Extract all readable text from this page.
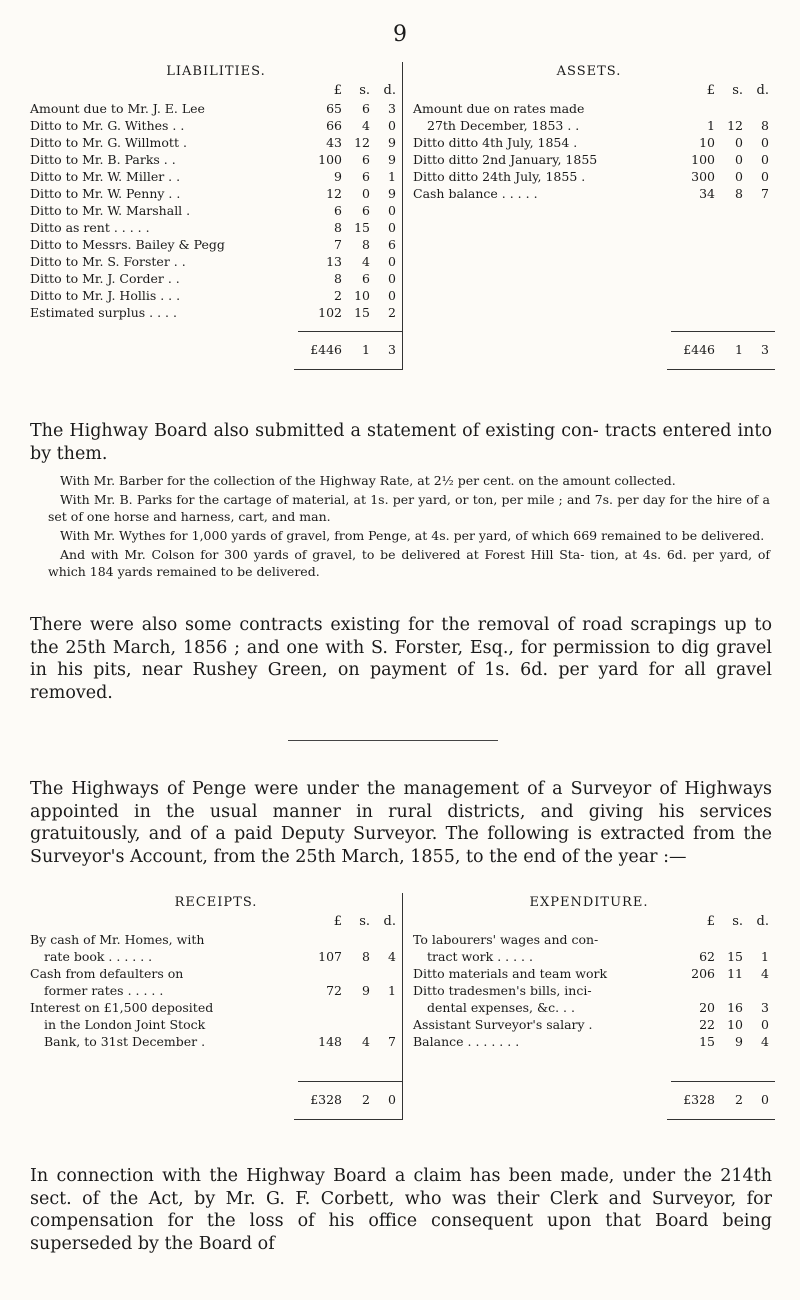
9
LIABILITIES.
£	s.	d.
Amount due to Mr. J. E. Lee	65	6	3
Ditto to Mr. G. Withes . .	66	4	0
Ditto to Mr. G. Willmott .	43 12	9
Ditto to Mr. B. Parks . .	100	6	9
Ditto to Mr. W. Miller . .	9	6	1
Ditto to Mr. W. Penny . .	12	0	9
Ditto to Mr. W. Marshall .	6	6	0
Ditto as rent . . . . .	8 15	0
Ditto to Messrs. Bailey & Pegg	7	8	6
Ditto to Mr. S. Forster . .	13	4	0
Ditto to Mr. J. Corder . .	8	6	0
Ditto to Mr. J. Hollis . . .	2 10	0
Estimated surplus . . . .	102 15	2
£446	1	3
ASSETS.
£	s.	d.
Amount due on rates made
27th December, 1853 . .	1 12	8
Ditto ditto 4th July, 1854 .	10	0	0
Ditto ditto 2nd January, 1855	100	0	0
Ditto ditto 24th July, 1855 .	300	0	0
Cash balance . . . . .	34	8	7
£446	1	3
The Highway Board also submitted a statement of existing con- tracts entered into by them.

With Mr. Barber for the collection of the Highway Rate, at 2½ per cent. on the amount collected.

With Mr. B. Parks for the cartage of material, at 1s. per yard, or ton, per mile ; and 7s. per day for the hire of a set of one horse and harness, cart, and man.

With Mr. Wythes for 1,000 yards of gravel, from Penge, at 4s. per yard, of which 669 remained to be delivered.

And with Mr. Colson for 300 yards of gravel, to be delivered at Forest Hill Sta- tion, at 4s. 6d. per yard, of which 184 yards remained to be delivered.

There were also some contracts existing for the removal of road scrapings up to the 25th March, 1856 ; and one with S. Forster, Esq., for permission to dig gravel in his pits, near Rushey Green, on payment of 1s. 6d. per yard for all gravel removed.
The Highways of Penge were under the management of a Surveyor of Highways appointed in the usual manner in rural districts, and giving his services gratuitously, and of a paid Deputy Surveyor. The following is extracted from the Surveyor's Account, from the 25th March, 1855, to the end of the year :—
RECEIPTS.
£	s.	d.
By cash of Mr. Homes, with
rate book . . . . . .	107	8	4
Cash from defaulters on
former rates . . . . .	72	9	1
Interest on £1,500 deposited
in the London Joint Stock
Bank, to 31st December .	148	4	7
£328	2	0
EXPENDITURE.
£	s.	d.
To labourers' wages and con-
tract work . . . . .	62 15	1
Ditto materials and team work	206 11	4
Ditto tradesmen's bills, inci-
dental expenses, &c. . .	20 16	3
Assistant Surveyor's salary .	22 10	0
Balance . . . . . . .	15	9	4
£328	2	0
In connection with the Highway Board a claim has been made, under the 214th sect. of the Act, by Mr. G. F. Corbett, who was their Clerk and Surveyor, for compensation for the loss of his office consequent upon that Board being superseded by the Board of
